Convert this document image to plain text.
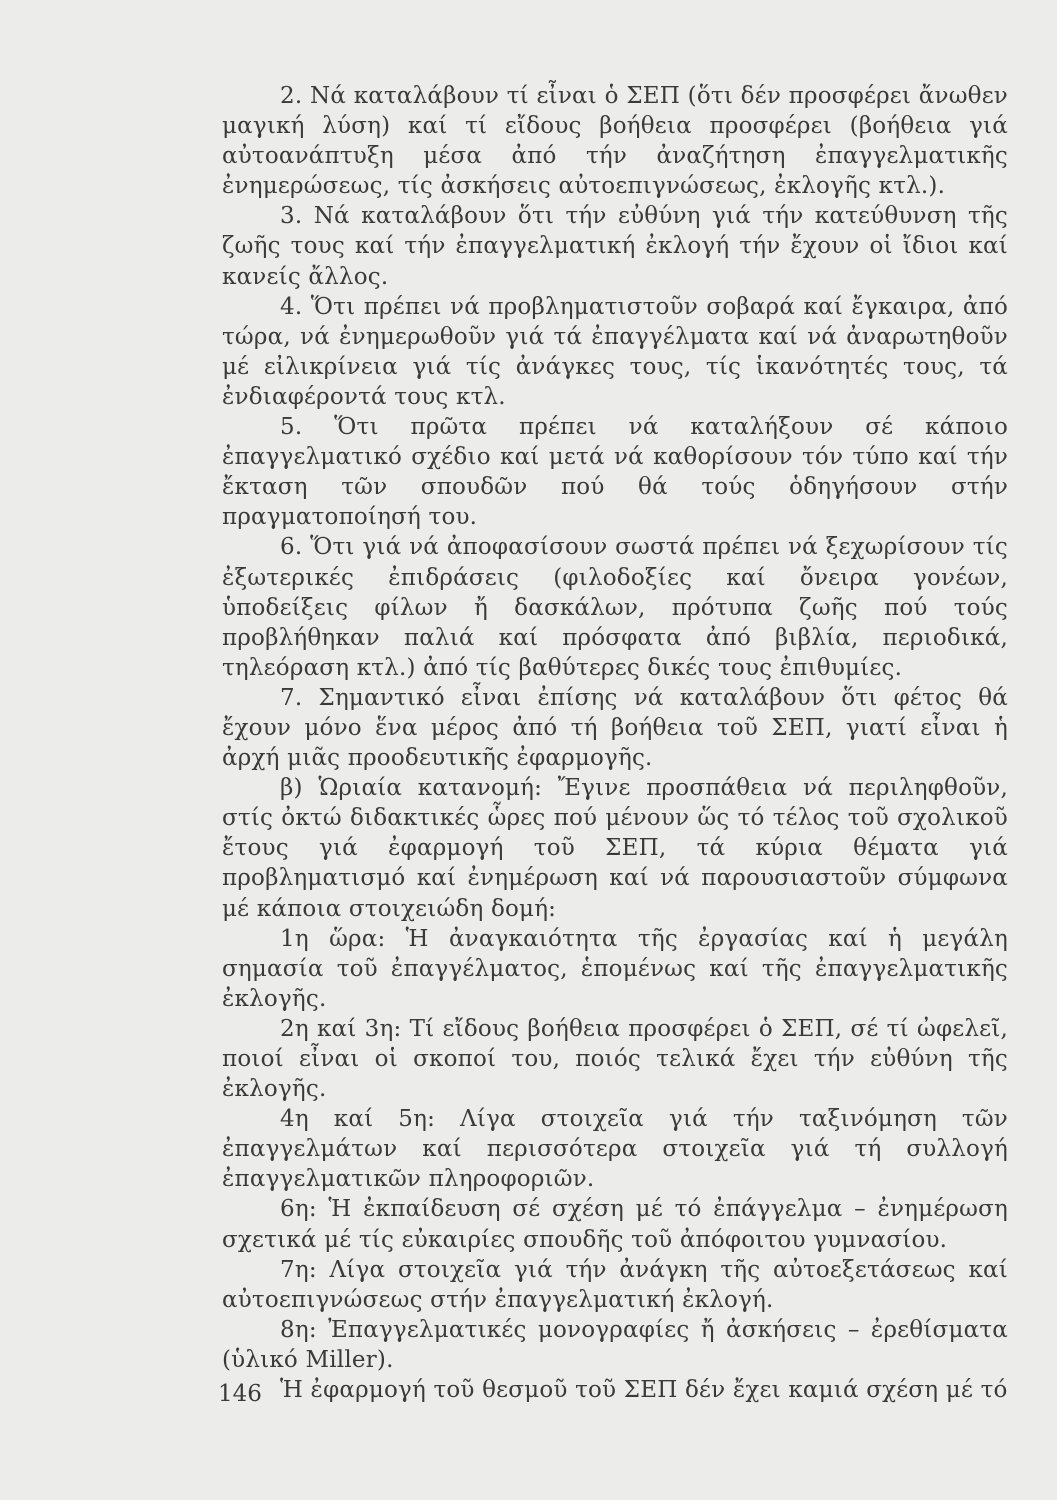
2. Νά καταλάβουν τί εἶναι ὁ ΣΕΠ (ὅτι δέν προσφέρει ἄνωθεν μαγική λύση) καί τί εἴδους βοήθεια προσφέρει (βοήθεια γιά αὐτοανάπτυξη μέσα ἀπό τήν ἀναζήτηση ἐπαγγελματικῆς ἐνημερώσεως, τίς ἀσκήσεις αὐτοεπιγνώσεως, ἐκλογῆς κτλ.).

3. Νά καταλάβουν ὅτι τήν εὐθύνη γιά τήν κατεύθυνση τῆς ζωῆς τους καί τήν ἐπαγγελματική ἐκλογή τήν ἔχουν οἱ ἴδιοι καί κανείς ἄλλος.

4. Ὅτι πρέπει νά προβληματιστοῦν σοβαρά καί ἔγκαιρα, ἀπό τώρα, νά ἐνημερωθοῦν γιά τά ἐπαγγέλματα καί νά ἀναρωτηθοῦν μέ εἰλικρίνεια γιά τίς ἀνάγκες τους, τίς ἱκανότητές τους, τά ἐνδιαφέροντά τους κτλ.

5. Ὅτι πρῶτα πρέπει νά καταλήξουν σέ κάποιο ἐπαγγελματικό σχέδιο καί μετά νά καθορίσουν τόν τύπο καί τήν ἔκταση τῶν σπουδῶν πού θά τούς ὁδηγήσουν στήν πραγματοποίησή του.

6. Ὅτι γιά νά ἀποφασίσουν σωστά πρέπει νά ξεχωρίσουν τίς ἐξωτερικές ἐπιδράσεις (φιλοδοξίες καί ὄνειρα γονέων, ὑποδείξεις φίλων ἤ δασκάλων, πρότυπα ζωῆς πού τούς προβλήθηκαν παλιά καί πρόσφατα ἀπό βιβλία, περιοδικά, τηλεόραση κτλ.) ἀπό τίς βαθύτερες δικές τους ἐπιθυμίες.

7. Σημαντικό εἶναι ἐπίσης νά καταλάβουν ὅτι φέτος θά ἔχουν μόνο ἕνα μέρος ἀπό τή βοήθεια τοῦ ΣΕΠ, γιατί εἶναι ἡ ἀρχή μιᾶς προοδευτικῆς ἐφαρμογῆς.

β) Ὡριαία κατανομή: Ἔγινε προσπάθεια νά περιληφθοῦν, στίς ὀκτώ διδακτικές ὧρες πού μένουν ὥς τό τέλος τοῦ σχολικοῦ ἔτους γιά ἐφαρμογή τοῦ ΣΕΠ, τά κύρια θέματα γιά προβληματισμό καί ἐνημέρωση καί νά παρουσιαστοῦν σύμφωνα μέ κάποια στοιχειώδη δομή:

1η ὥρα: Ἡ ἀναγκαιότητα τῆς ἐργασίας καί ἡ μεγάλη σημασία τοῦ ἐπαγγέλματος, ἑπομένως καί τῆς ἐπαγγελματικῆς ἐκλογῆς.

2η καί 3η: Τί εἴδους βοήθεια προσφέρει ὁ ΣΕΠ, σέ τί ὠφελεῖ, ποιοί εἶναι οἱ σκοποί του, ποιός τελικά ἔχει τήν εὐθύνη τῆς ἐκλογῆς.

4η καί 5η: Λίγα στοιχεῖα γιά τήν ταξινόμηση τῶν ἐπαγγελμάτων καί περισσότερα στοιχεῖα γιά τή συλλογή ἐπαγγελματικῶν πληροφοριῶν.

6η: Ἡ ἐκπαίδευση σέ σχέση μέ τό ἐπάγγελμα – ἐνημέρωση σχετικά μέ τίς εὐκαιρίες σπουδῆς τοῦ ἀπόφοιτου γυμνασίου.

7η: Λίγα στοιχεῖα γιά τήν ἀνάγκη τῆς αὐτοεξετάσεως καί αὐτοεπιγνώσεως στήν ἐπαγγελματική ἐκλογή.

8η: Ἐπαγγελματικές μονογραφίες ἤ ἀσκήσεις – ἐρεθίσματα (ὑλικό Miller).

Ἡ ἐφαρμογή τοῦ θεσμοῦ τοῦ ΣΕΠ δέν ἔχει καμιά σχέση μέ τό

146
